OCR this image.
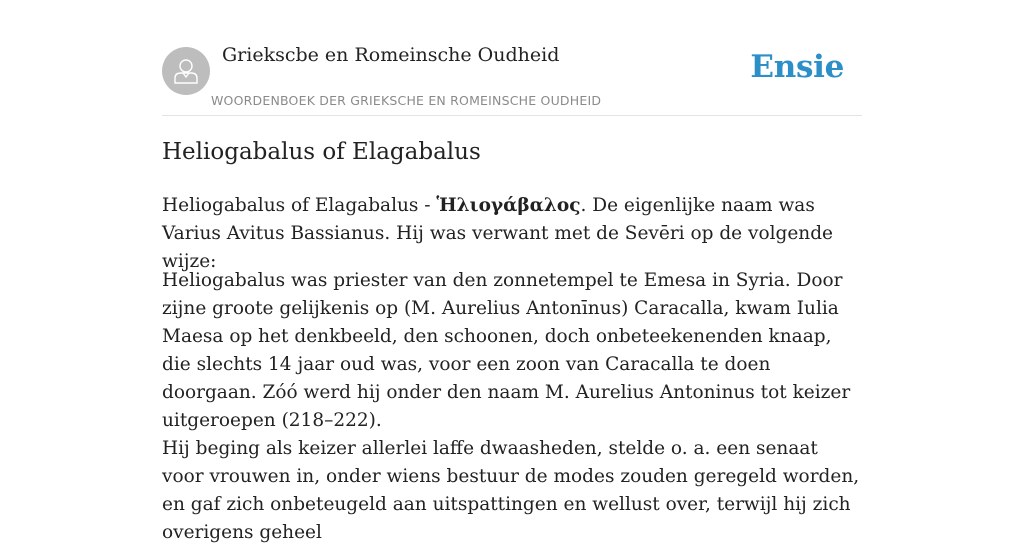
Griekscbe en Romeinsche Oudheid
WOORDENBOEK DER GRIEKSCHE EN ROMEINSCHE OUDHEID
Ensie
Heliogabalus of Elagabalus

Heliogabalus of Elagabalus - Ἡλιογάβαλος. De eigenlijke naam was Varius Avitus Bassianus. Hij was verwant met de Sevēri op de volgende wijze:

Heliogabalus was priester van den zonnetempel te Emesa in Syria. Door zijne groote gelijkenis op (M. Aurelius Antonīnus) Caracalla, kwam Iulia Maesa op het denkbeeld, den schoonen, doch onbeteekenenden knaap, die slechts 14 jaar oud was, voor een zoon van Caracalla te doen doorgaan. Zóó werd hij onder den naam M. Aurelius Antoninus tot keizer uitgeroepen (218–222).

Hij beging als keizer allerlei laffe dwaasheden, stelde o. a. een senaat voor vrouwen in, onder wiens bestuur de modes zouden geregeld worden, en gaf zich onbeteugeld aan uitspattingen en wellust over, terwijl hij zich overigens geheel
